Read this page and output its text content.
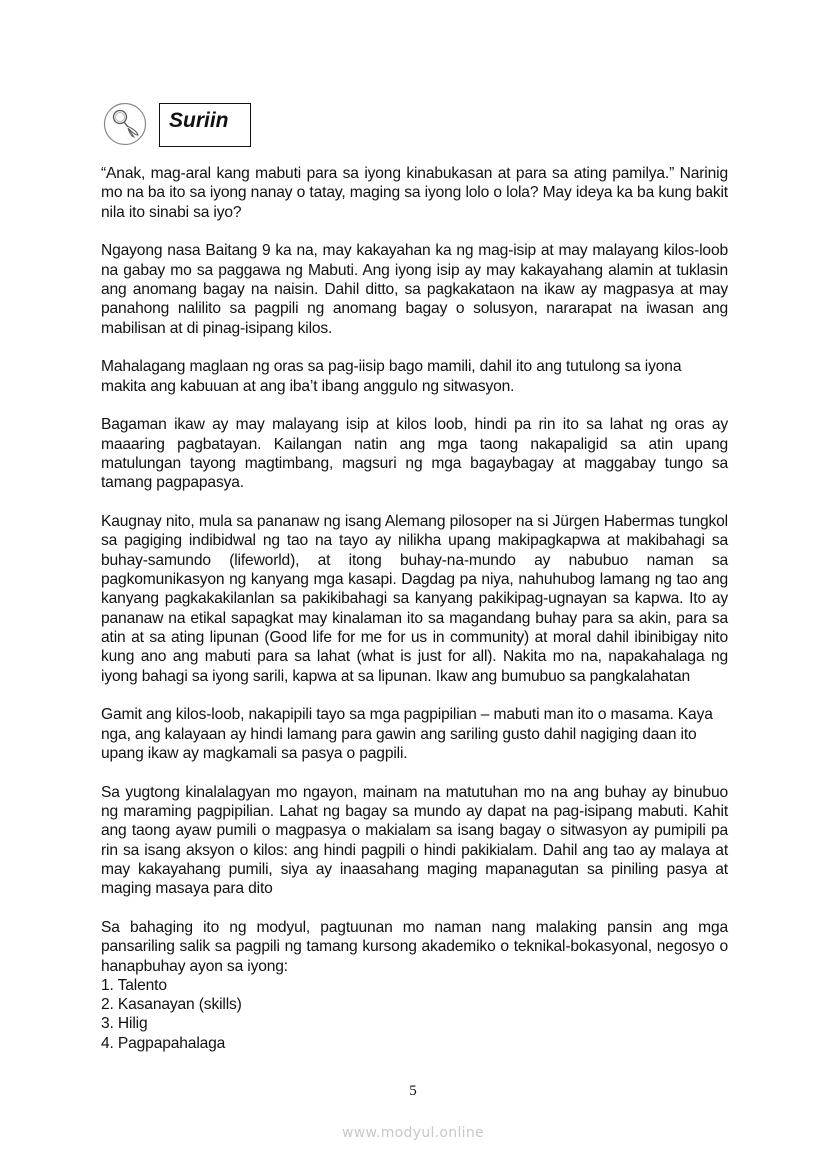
Suriin

“Anak, mag-aral kang mabuti para sa iyong kinabukasan at para sa ating pamilya.” Narinig mo na ba ito sa iyong nanay o tatay, maging sa iyong lolo o lola? May ideya ka ba kung bakit nila ito sinabi sa iyo?

Ngayong nasa Baitang 9 ka na, may kakayahan ka ng mag-isip at may malayang kilos-loob na gabay mo sa paggawa ng Mabuti. Ang iyong isip ay may kakayahang alamin at tuklasin ang anomang bagay na naisin. Dahil ditto, sa pagkakataon na ikaw ay magpasya at may panahong nalilito sa pagpili ng anomang bagay o solusyon, nararapat na iwasan ang mabilisan at di pinag-isipang kilos.

Mahalagang maglaan ng oras sa pag-iisip bago mamili, dahil ito ang tutulong sa iyona makita ang kabuuan at ang iba’t ibang anggulo ng sitwasyon.

Bagaman ikaw ay may malayang isip at kilos loob, hindi pa rin ito sa lahat ng oras ay maaaring pagbatayan. Kailangan natin ang mga taong nakapaligid sa atin upang matulungan tayong magtimbang, magsuri ng mga bagaybagay at maggabay tungo sa tamang pagpapasya.

Kaugnay nito, mula sa pananaw ng isang Alemang pilosoper na si Jürgen Habermas tungkol sa pagiging indibidwal ng tao na tayo ay nilikha upang makipagkapwa at makibahagi sa buhay-samundo (lifeworld), at itong buhay-na-mundo ay nabubuo naman sa pagkomunikasyon ng kanyang mga kasapi. Dagdag pa niya, nahuhubog lamang ng tao ang kanyang pagkakakilanlan sa pakikibahagi sa kanyang pakikipag-ugnayan sa kapwa. Ito ay pananaw na etikal sapagkat may kinalaman ito sa magandang buhay para sa akin, para sa atin at sa ating lipunan (Good life for me for us in community) at moral dahil ibinibigay nito kung ano ang mabuti para sa lahat (what is just for all). Nakita mo na, napakahalaga ng iyong bahagi sa iyong sarili, kapwa at sa lipunan. Ikaw ang bumubuo sa pangkalahatan

Gamit ang kilos-loob, nakapipili tayo sa mga pagpipilian – mabuti man ito o masama. Kaya nga, ang kalayaan ay hindi lamang para gawin ang sariling gusto dahil nagiging daan ito upang ikaw ay magkamali sa pasya o pagpili.

Sa yugtong kinalalagyan mo ngayon, mainam na matutuhan mo na ang buhay ay binubuo ng maraming pagpipilian. Lahat ng bagay sa mundo ay dapat na pag-isipang mabuti. Kahit ang taong ayaw pumili o magpasya o makialam sa isang bagay o sitwasyon ay pumipili pa rin sa isang aksyon o kilos: ang hindi pagpili o hindi pakikialam. Dahil ang tao ay malaya at may kakayahang pumili, siya ay inaasahang maging mapanagutan sa piniling pasya at maging masaya para dito

Sa bahaging ito ng modyul, pagtuunan mo naman nang malaking pansin ang mga pansariling salik sa pagpili ng tamang kursong akademiko o teknikal-bokasyonal, negosyo o hanapbuhay ayon sa iyong:

1. Talento
2. Kasanayan (skills)
3. Hilig
4. Pagpapahalaga
5
www.modyul.online
